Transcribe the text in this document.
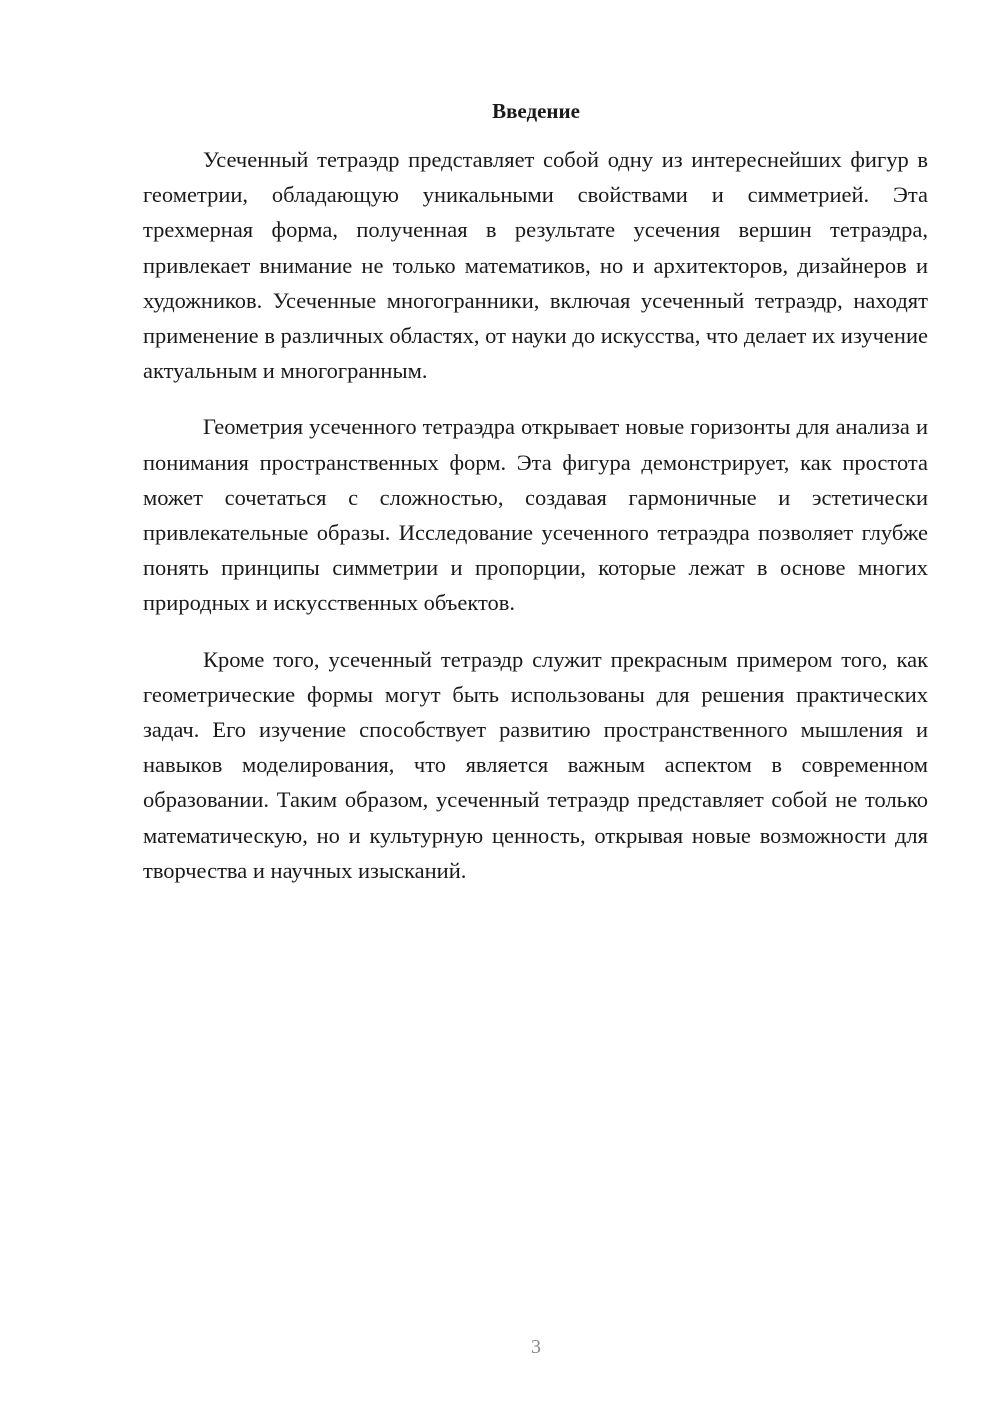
Введение

Усеченный тетраэдр представляет собой одну из интереснейших фигур в геометрии, обладающую уникальными свойствами и симметрией. Эта трехмерная форма, полученная в результате усечения вершин тетраэдра, привлекает внимание не только математиков, но и архитекторов, дизайнеров и художников. Усеченные многогранники, включая усеченный тетраэдр, находят применение в различных областях, от науки до искусства, что делает их изучение актуальным и многогранным.

Геометрия усеченного тетраэдра открывает новые горизонты для анализа и понимания пространственных форм. Эта фигура демонстрирует, как простота может сочетаться с сложностью, создавая гармоничные и эстетически привлекательные образы. Исследование усеченного тетраэдра позволяет глубже понять принципы симметрии и пропорции, которые лежат в основе многих природных и искусственных объектов.

Кроме того, усеченный тетраэдр служит прекрасным примером того, как геометрические формы могут быть использованы для решения практических задач. Его изучение способствует развитию пространственного мышления и навыков моделирования, что является важным аспектом в современном образовании. Таким образом, усеченный тетраэдр представляет собой не только математическую, но и культурную ценность, открывая новые возможности для творчества и научных изысканий.

3
